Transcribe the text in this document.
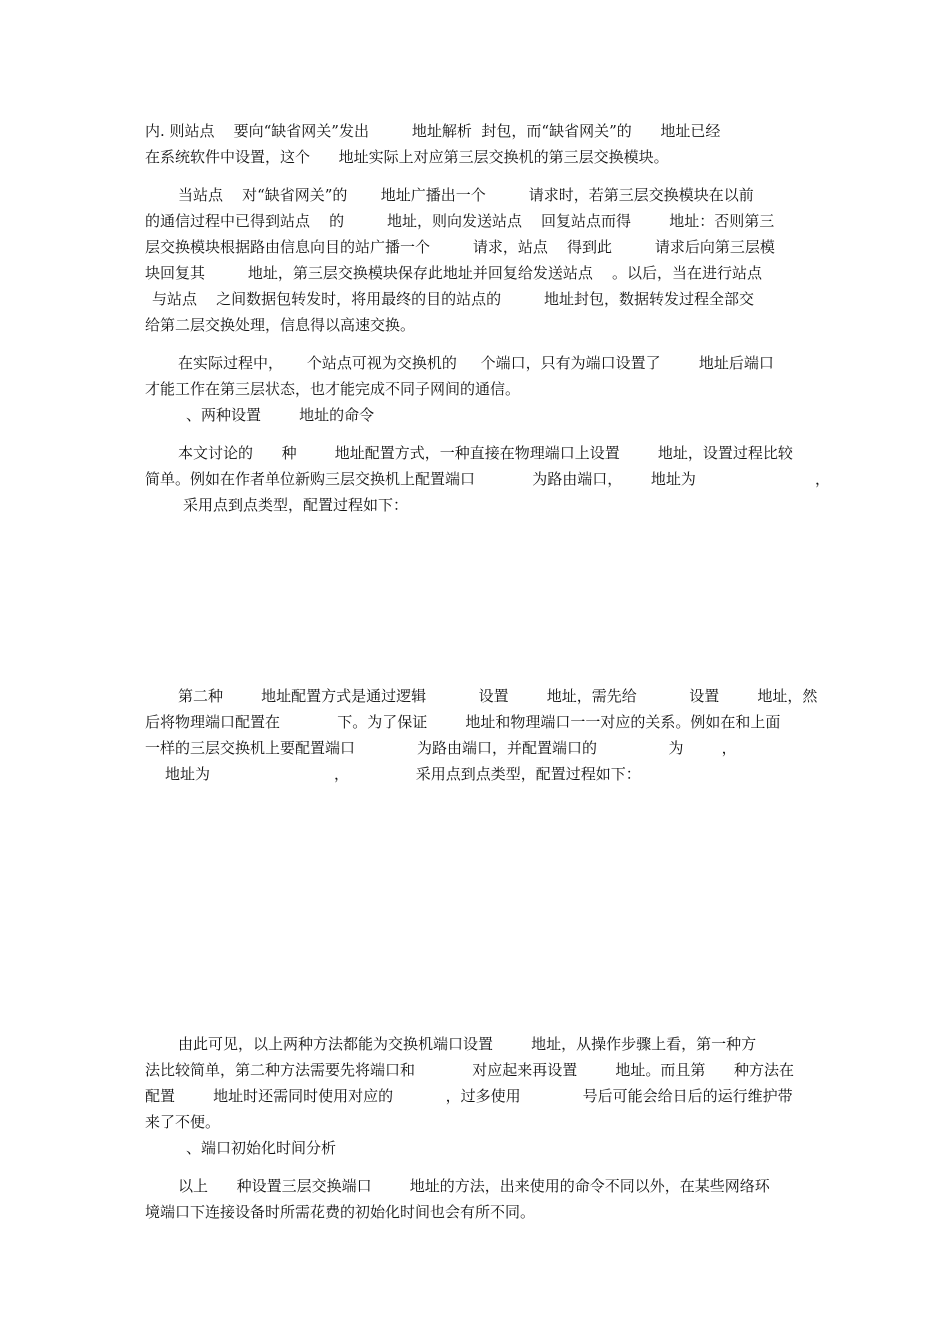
内. 则站点    要向“缺省网关”发出         地址解析  封包，而“缺省网关”的      地址已经
在系统软件中设置，这个      地址实际上对应第三层交换机的第三层交换模块。
当站点    对“缺省网关”的       地址广播出一个         请求时，若第三层交换模块在以前
的通信过程中已得到站点    的         地址，则向发送站点    回复站点而得        地址：否则第三
层交换模块根据路由信息向目的站广播一个         请求，站点    得到此         请求后向第三层模
块回复其         地址，第三层交换模块保存此地址并回复给发送站点    。以后，当在进行站点
与站点    之间数据包转发时，将用最终的目的站点的         地址封包，数据转发过程全部交
给第二层交换处理，信息得以高速交换。
在实际过程中，     个站点可视为交换机的     个端口，只有为端口设置了        地址后端口
才能工作在第三层状态，也才能完成不同子网间的通信。
、两种设置        地址的命令
本文讨论的      种        地址配置方式，一种直接在物理端口上设置        地址，设置过程比较
简单。例如在作者单位新购三层交换机上配置端口            为路由端口，      地址为                         ，
采用点到点类型，配置过程如下：
第二种        地址配置方式是通过逻辑           设置        地址，需先给           设置        地址，然
后将物理端口配置在            下。为了保证        地址和物理端口一一对应的关系。例如在和上面
一样的三层交换机上要配置端口             为路由端口，并配置端口的               为        ，
地址为                          ，              采用点到点类型，配置过程如下：
由此可见，以上两种方法都能为交换机端口设置        地址，从操作步骤上看，第一种方
法比较简单，第二种方法需要先将端口和            对应起来再设置        地址。而且第      种方法在
配置        地址时还需同时使用对应的           ，过多使用             号后可能会给日后的运行维护带
来了不便。
、端口初始化时间分析
以上      种设置三层交换端口        地址的方法，出来使用的命令不同以外，在某些网络环
境端口下连接设备时所需花费的初始化时间也会有所不同。
